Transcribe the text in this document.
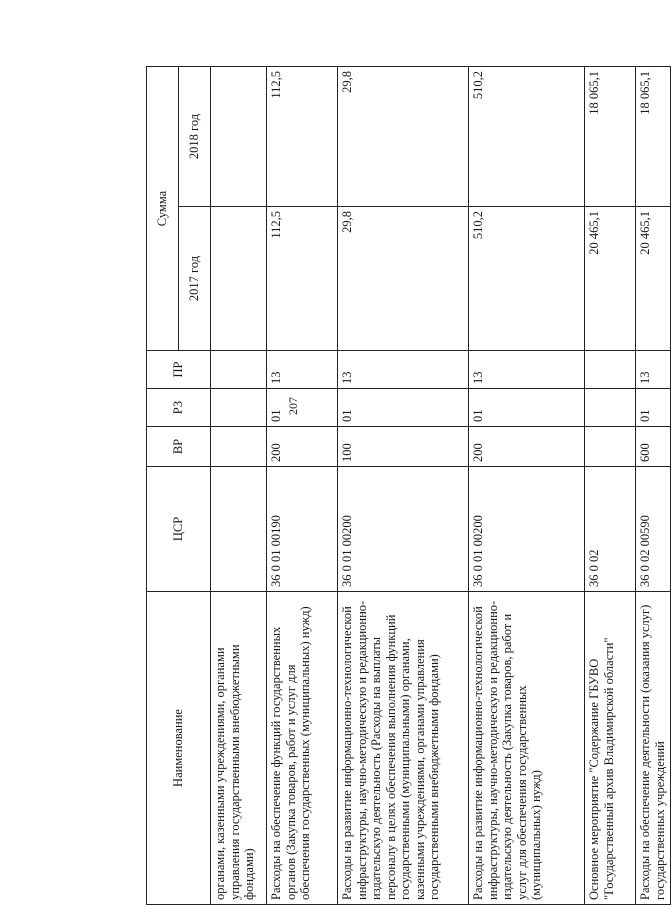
207
Наименование	ЦСР	ВР	РЗ	ПР	Сумма	
					2017 год	2018 год
органами, казенными учреждениями, органами управления государственными внебюджетными фондами)						
Расходы на обеспечение функций государственных органов (Закупка товаров, работ и услуг для обеспечения государственных (муниципальных) нужд)	36 0 01 00190	200	01	13	112,5	112,5
Расходы на развитие информационно-технологической инфраструктуры, научно-методическую и редакционно-издательскую деятельность (Расходы на выплаты персоналу в целях обеспечения выполнения функций государственными (муниципальными) органами, казенными учреждениями, органами управления государственными внебюджетными фондами)	36 0 01 00200	100	01	13	29,8	29,8
Расходы на развитие информационно-технологической инфраструктуры, научно-методическую и редакционно-издательскую деятельность (Закупка товаров, работ и услуг для обеспечения государственных (муниципальных) нужд)	36 0 01 00200	200	01	13	510,2	510,2
Основное мероприятие "Содержание ГБУВО "Государственный архив Владимирской области"	36 0 02				20 465,1	18 065,1
Расходы на обеспечение деятельности (оказания услуг) государственных учреждений	36 0 02 00590	600	01	13	20 465,1	18 065,1
